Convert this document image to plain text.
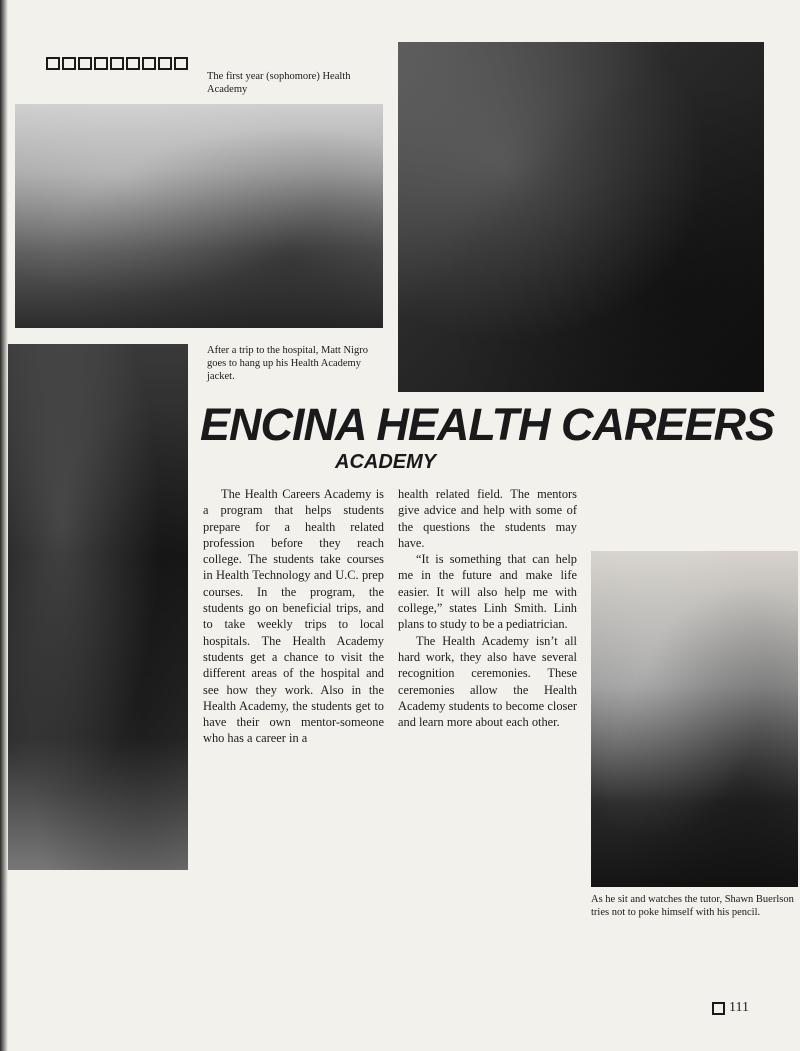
The first year (sophomore) Health Academy
After a trip to the hospital, Matt Nigro goes to hang up his Health Academy jacket.
ENCINA HEALTH CAREERS
ACADEMY

The Health Careers Academy is a program that helps students prepare for a health related profession before they reach college. The students take courses in Health Technology and U.C. prep courses. In the program, the students go on beneficial trips, and to take weekly trips to local hospitals. The Health Academy students get a chance to visit the different areas of the hospital and see how they work. Also in the Health Academy, the students get to have their own mentor-someone who has a career in a

health related field. The mentors give advice and help with some of the questions the students may have.

“It is something that can help me in the future and make life easier. It will also help me with college,” states Linh Smith. Linh plans to study to be a pediatrician.

The Health Academy isn’t all hard work, they also have several recognition ceremonies. These ceremonies allow the Health Academy students to become closer and learn more about each other.

As he sit and watches the tutor, Shawn Buerlson tries not to poke himself with his pencil.
111
